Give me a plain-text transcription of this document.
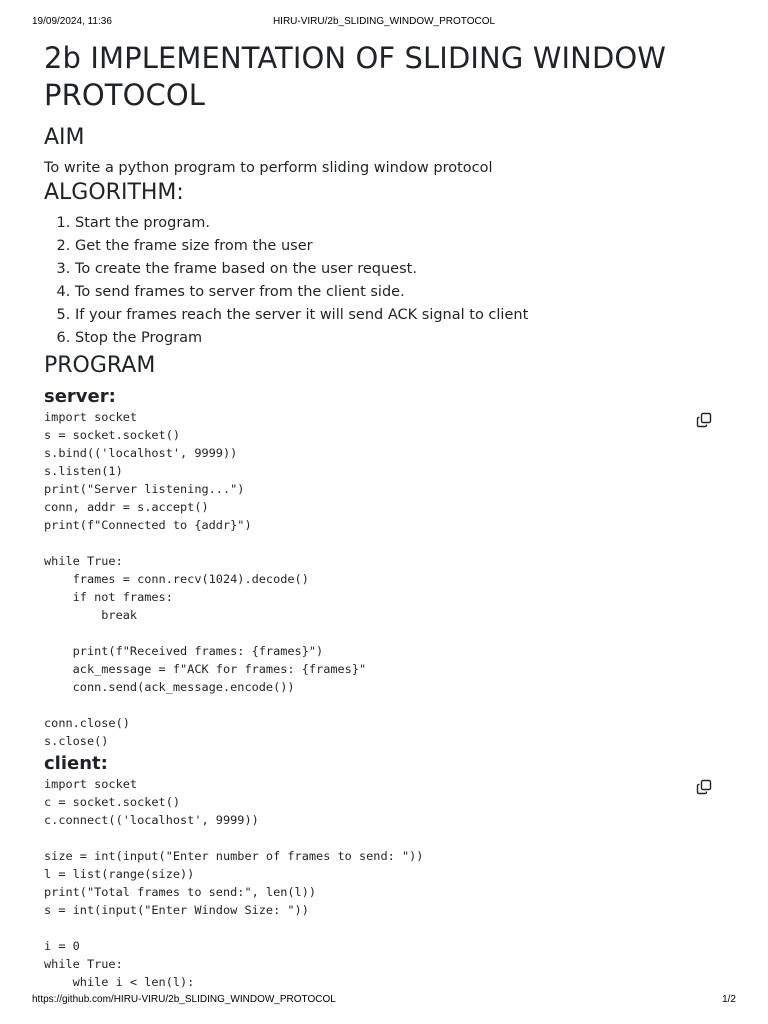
19/09/2024, 11:36	HIRU-VIRU/2b_SLIDING_WINDOW_PROTOCOL
2b IMPLEMENTATION OF SLIDING WINDOW PROTOCOL
AIM

To write a python program to perform sliding window protocol

ALGORITHM:
1. Start the program.
2. Get the frame size from the user
3. To create the frame based on the user request.
4. To send frames to server from the client side.
5. If your frames reach the server it will send ACK signal to client
6. Stop the Program
PROGRAM
server:
import socket
s = socket.socket()
s.bind(('localhost', 9999))
s.listen(1)
print("Server listening...")
conn, addr = s.accept()
print(f"Connected to {addr}")

while True:
frames = conn.recv(1024).decode()
if not frames:
break

print(f"Received frames: {frames}")
ack_message = f"ACK for frames: {frames}"
conn.send(ack_message.encode())

conn.close()
s.close()
client:
import socket
c = socket.socket()
c.connect(('localhost', 9999))

size = int(input("Enter number of frames to send: "))
l = list(range(size))
print("Total frames to send:", len(l))
s = int(input("Enter Window Size: "))

i = 0
while True:
while i < len(l):
https://github.com/HIRU-VIRU/2b_SLIDING_WINDOW_PROTOCOL	1/2
